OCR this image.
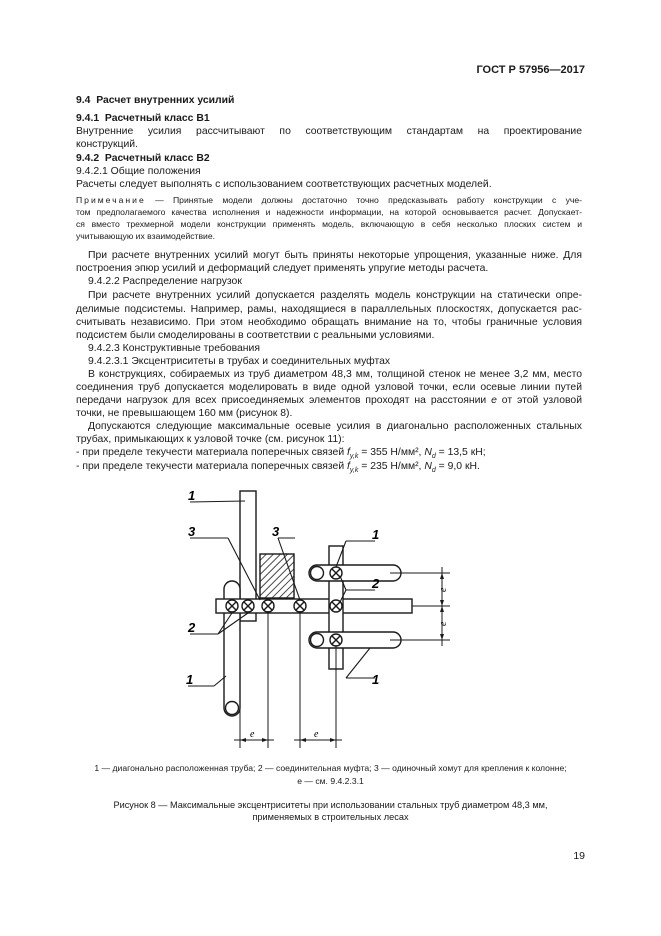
ГОСТ Р 57956—2017
9.4 Расчет внутренних усилий
9.4.1 Расчетный класс B1
Внутренние усилия рассчитывают по соответствующим стандартам на проектирование
конструкций.
9.4.2 Расчетный класс B2
9.4.2.1 Общие положения
Расчеты следует выполнять с использованием соответствующих расчетных моделей.
Примечание — Принятые модели должны достаточно точно предсказывать работу конструкции с уче-
том предполагаемого качества исполнения и надежности информации, на которой основывается расчет. Допускает-
ся вместо трехмерной модели конструкции применять модель, включающую в себя несколько плоских систем и
учитывающую их взаимодействие.
При расчете внутренних усилий могут быть приняты некоторые упрощения, указанные ниже. Для
построения эпюр усилий и деформаций следует применять упругие методы расчета.
9.4.2.2 Распределение нагрузок
При расчете внутренних усилий допускается разделять модель конструкции на статически опре-
делимые подсистемы. Например, рамы, находящиеся в параллельных плоскостях, допускается рас-
считывать независимо. При этом необходимо обращать внимание на то, чтобы граничные условия
подсистем были смоделированы в соответствии с реальными условиями.
9.4.2.3 Конструктивные требования
9.4.2.3.1 Эксцентриситеты в трубах и соединительных муфтах
В конструкциях, собираемых из труб диаметром 48,3 мм, толщиной стенок не менее 3,2 мм, место
соединения труб допускается моделировать в виде одной узловой точки, если осевые линии путей
передачи нагрузок для всех присоединяемых элементов проходят на расстоянии e от этой узловой
точки, не превышающем 160 мм (рисунок 8).
Допускаются следующие максимальные осевые усилия в диагонально расположенных стальных
трубах, примыкающих к узловой точке (см. рисунок 11):
- при пределе текучести материала поперечных связей $f_{y,k} = 355$ Н/мм², $N_d = 13,5$ кН;
- при пределе текучести материала поперечных связей $f_{y,k} = 235$ Н/мм², $N_d = 9,0$ кН.
1
3	3
2
1
1
2
1
e	e
e
e
1 — диагонально расположенная труба; 2 — соединительная муфта; 3 — одиночный хомут для крепления к колонне;
e — см. 9.4.2.3.1
Рисунок 8 — Максимальные эксцентриситеты при использовании стальных труб диаметром 48,3 мм,
применяемых в строительных лесах
19
